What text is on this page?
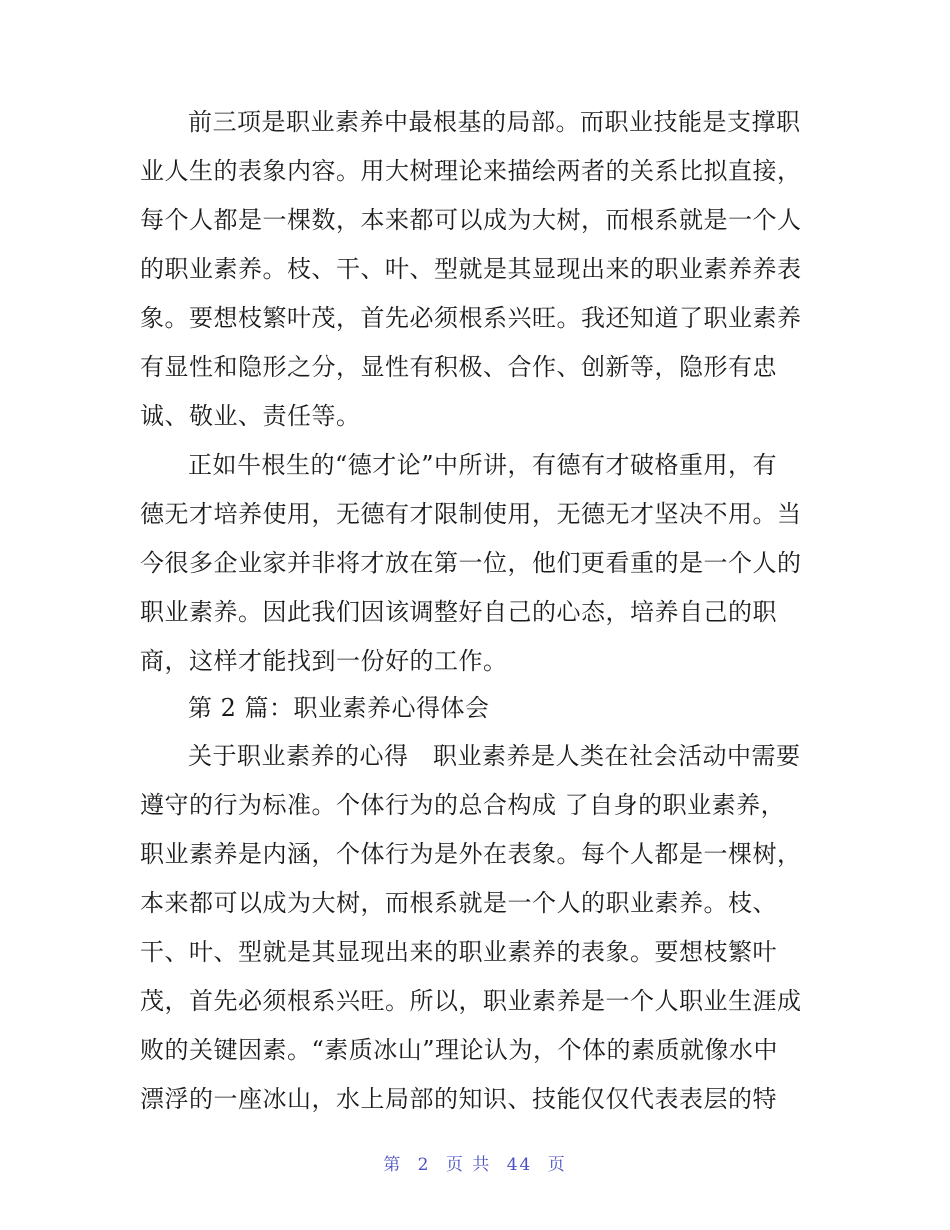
前三项是职业素养中最根基的局部。而职业技能是支撑职
业人生的表象内容。用大树理论来描绘两者的关系比拟直接，
每个人都是一棵数，本来都可以成为大树，而根系就是一个人
的职业素养。枝、干、叶、型就是其显现出来的职业素养养表
象。要想枝繁叶茂，首先必须根系兴旺。我还知道了职业素养
有显性和隐形之分，显性有积极、合作、创新等，隐形有忠
诚、敬业、责任等。
正如牛根生的“德才论”中所讲，有德有才破格重用，有
德无才培养使用，无德有才限制使用，无德无才坚决不用。当
今很多企业家并非将才放在第一位，他们更看重的是一个人的
职业素养。因此我们因该调整好自己的心态，培养自己的职
商，这样才能找到一份好的工作。
第 2 篇：职业素养心得体会
关于职业素养的心得　职业素养是人类在社会活动中需要
遵守的行为标准。个体行为的总合构成 了自身的职业素养，
职业素养是内涵，个体行为是外在表象。每个人都是一棵树，
本来都可以成为大树，而根系就是一个人的职业素养。枝、
干、叶、型就是其显现出来的职业素养的表象。要想枝繁叶
茂，首先必须根系兴旺。所以，职业素养是一个人职业生涯成
败的关键因素。“素质冰山”理论认为，个体的素质就像水中
漂浮的一座冰山，水上局部的知识、技能仅仅代表表层的特
第 2 页 共 44 页
